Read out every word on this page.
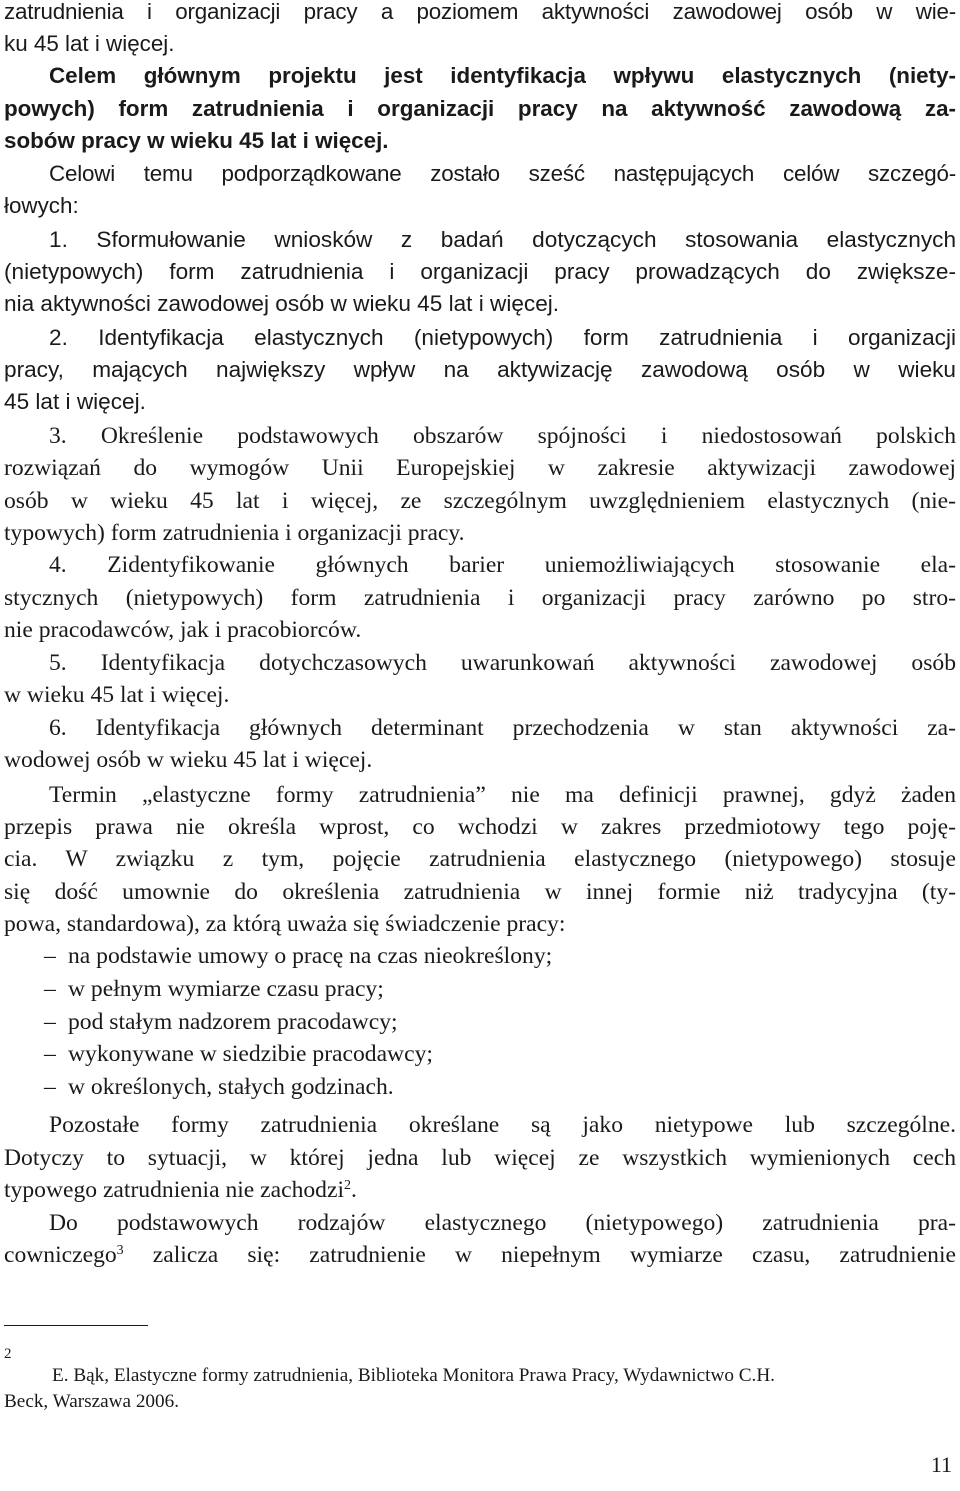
zatrudnienia i organizacji pracy a poziomem aktywności zawodowej osób w wie-
ku 45 lat i więcej.
Celem głównym projektu jest identyfikacja wpływu elastycznych (niety-
powych) form zatrudnienia i organizacji pracy na aktywność zawodową za-
sobów pracy w wieku 45 lat i więcej.
Celowi temu podporządkowane zostało sześć następujących celów szczegó-
łowych:
1. Sformułowanie wniosków z badań dotyczących stosowania elastycznych
(nietypowych) form zatrudnienia i organizacji pracy prowadzących do zwiększe-
nia aktywności zawodowej osób w wieku 45 lat i więcej.
2. Identyfikacja elastycznych (nietypowych) form zatrudnienia i organizacji
pracy, mających największy wpływ na aktywizację zawodową osób w wieku
45 lat i więcej.
3. Określenie podstawowych obszarów spójności i niedostosowań polskich
rozwiązań do wymogów Unii Europejskiej w zakresie aktywizacji zawodowej
osób w wieku 45 lat i więcej, ze szczególnym uwzględnieniem elastycznych (nie-
typowych) form zatrudnienia i organizacji pracy.
4. Zidentyfikowanie głównych barier uniemożliwiających stosowanie ela-
stycznych (nietypowych) form zatrudnienia i organizacji pracy zarówno po stro-
nie pracodawców, jak i pracobiorców.
5. Identyfikacja dotychczasowych uwarunkowań aktywności zawodowej osób
w wieku 45 lat i więcej.
6. Identyfikacja głównych determinant przechodzenia w stan aktywności za-
wodowej osób w wieku 45 lat i więcej.
Termin „elastyczne formy zatrudnienia” nie ma definicji prawnej, gdyż żaden
przepis prawa nie określa wprost, co wchodzi w zakres przedmiotowy tego poję-
cia. W związku z tym, pojęcie zatrudnienia elastycznego (nietypowego) stosuje
się dość umownie do określenia zatrudnienia w innej formie niż tradycyjna (ty-
powa, standardowa), za którą uważa się świadczenie pracy:
– na podstawie umowy o pracę na czas nieokreślony;
– w pełnym wymiarze czasu pracy;
– pod stałym nadzorem pracodawcy;
– wykonywane w siedzibie pracodawcy;
– w określonych, stałych godzinach.
Pozostałe formy zatrudnienia określane są jako nietypowe lub szczególne.
Dotyczy to sytuacji, w której jedna lub więcej ze wszystkich wymienionych cech
typowego zatrudnienia nie zachodzi$^2$.
Do podstawowych rodzajów elastycznego (nietypowego) zatrudnienia pra-
cowniczego$^3$ zalicza się: zatrudnienie w niepełnym wymiarze czasu, zatrudnienie
2
E. Bąk, Elastyczne formy zatrudnienia, Biblioteka Monitora Prawa Pracy, Wydawnictwo C.H.
Beck, Warszawa 2006.
11
